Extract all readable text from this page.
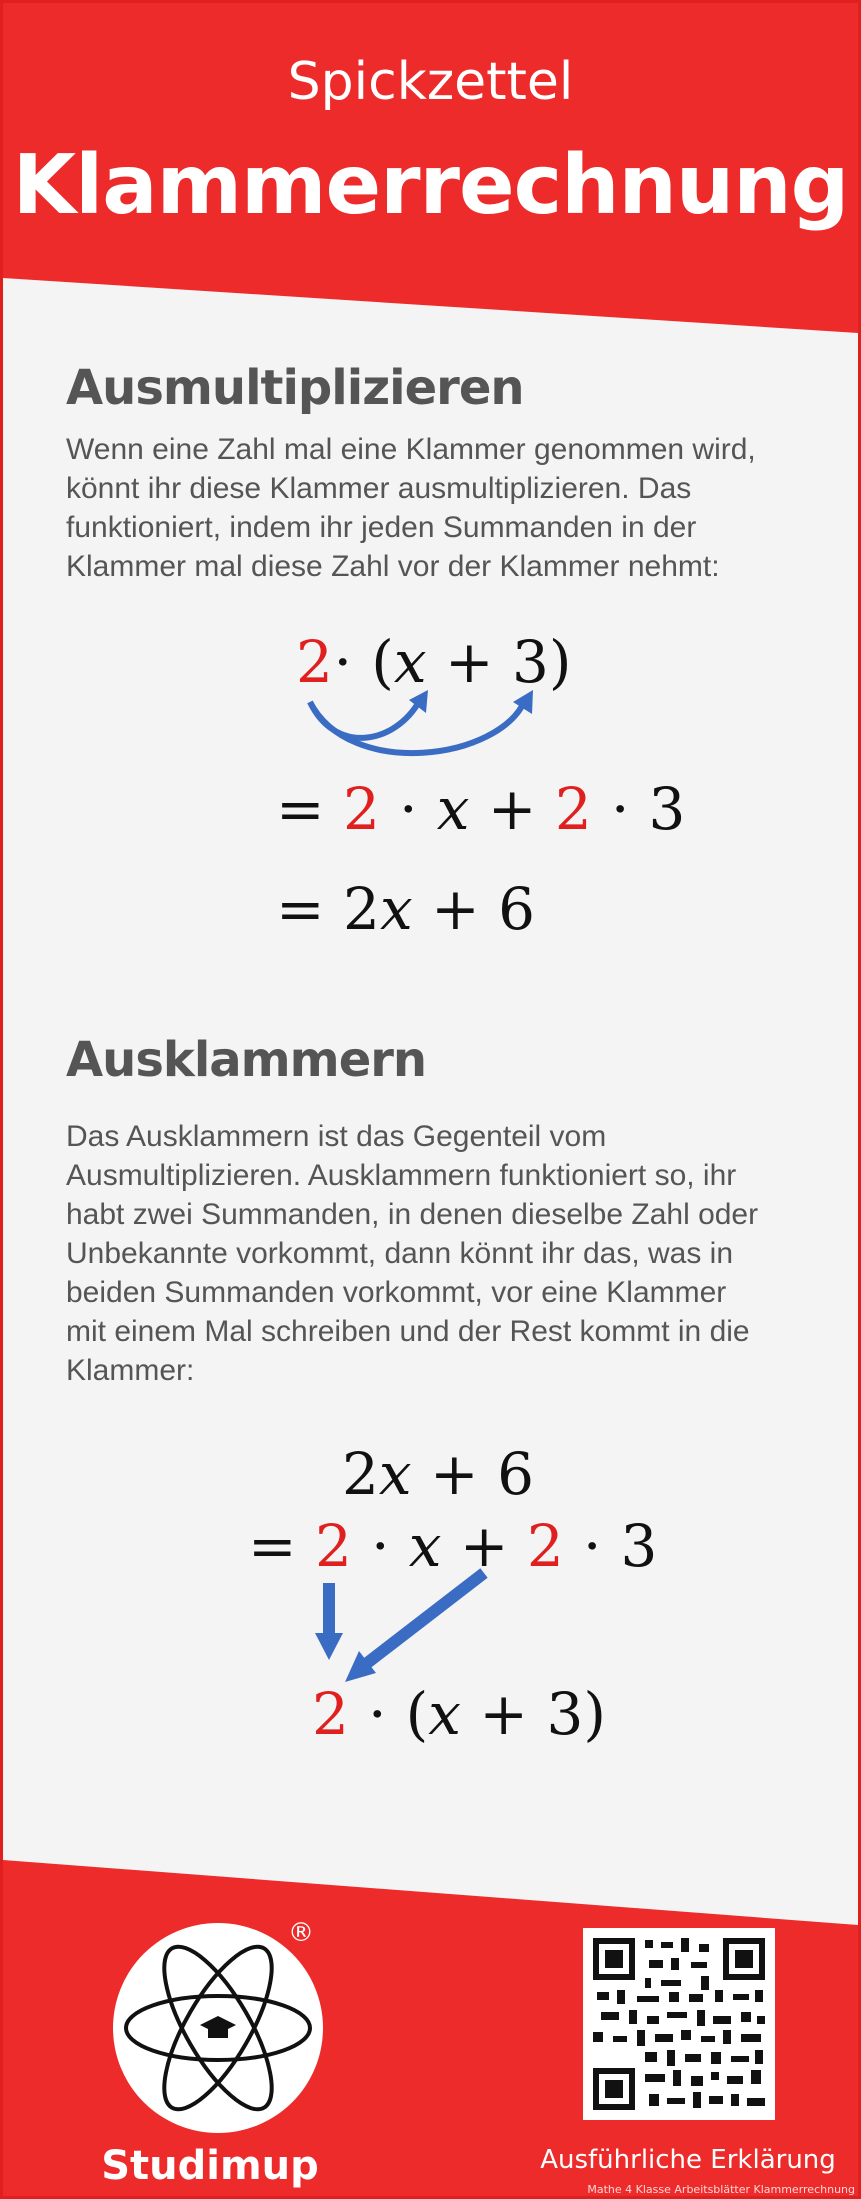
Spickzettel
Klammerrechnung
Ausmultiplizieren
Wenn eine Zahl mal eine Klammer genommen wird,
könnt ihr diese Klammer ausmultiplizieren. Das
funktioniert, indem ihr jeden Summanden in der
Klammer mal diese Zahl vor der Klammer nehmt:
2⋅ (x + 3)
= 2 ⋅ x + 2 ⋅ 3
= 2x + 6
Ausklammern
Das Ausklammern ist das Gegenteil vom
Ausmultiplizieren. Ausklammern funktioniert so, ihr
habt zwei Summanden, in denen dieselbe Zahl oder
Unbekannte vorkommt, dann könnt ihr das, was in
beiden Summanden vorkommt, vor eine Klammer
mit einem Mal schreiben und der Rest kommt in die
Klammer:
2x + 6
= 2 ⋅ x + 2 ⋅ 3
2 ⋅ (x + 3)
®
Studimup	Ausführliche Erklärung
Mathe 4 Klasse Arbeitsblätter Klammerrechnung
